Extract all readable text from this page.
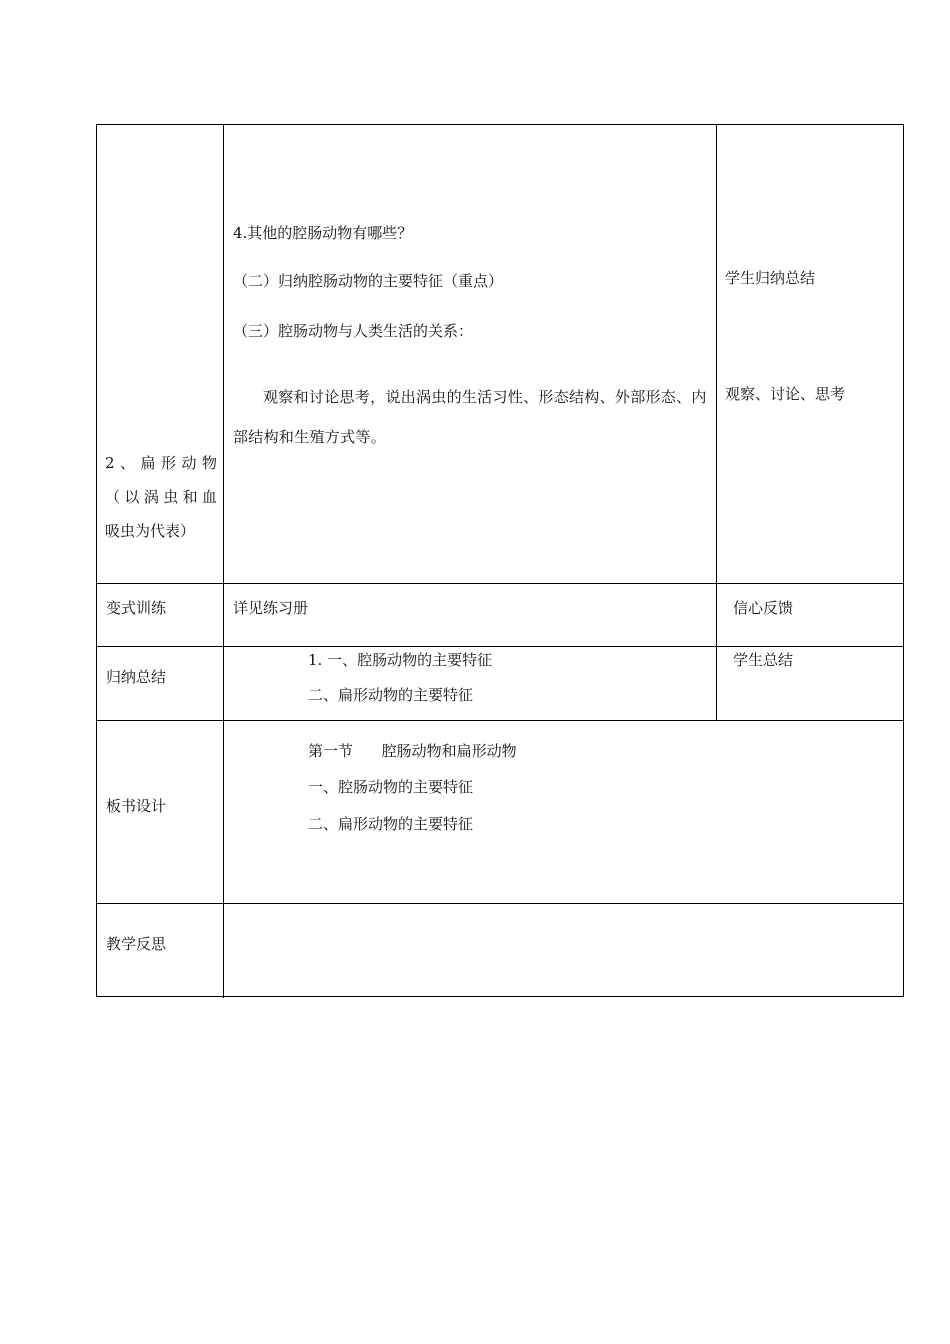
2、扁形动物
（以涡虫和血
吸虫为代表）
4.其他的腔肠动物有哪些？
（二）归纳腔肠动物的主要特征（重点）
（三）腔肠动物与人类生活的关系：
观察和讨论思考，说出涡虫的生活习性、形态结构、外部形态、内部结构和生殖方式等。
学生归纳总结
观察、讨论、思考
变式训练	详见练习册	信心反馈
归纳总结
1. 一、腔肠动物的主要特征
二、扁形动物的主要特征
学生总结
板书设计
第一节      腔肠动物和扁形动物
一、腔肠动物的主要特征
二、扁形动物的主要特征
教学反思
